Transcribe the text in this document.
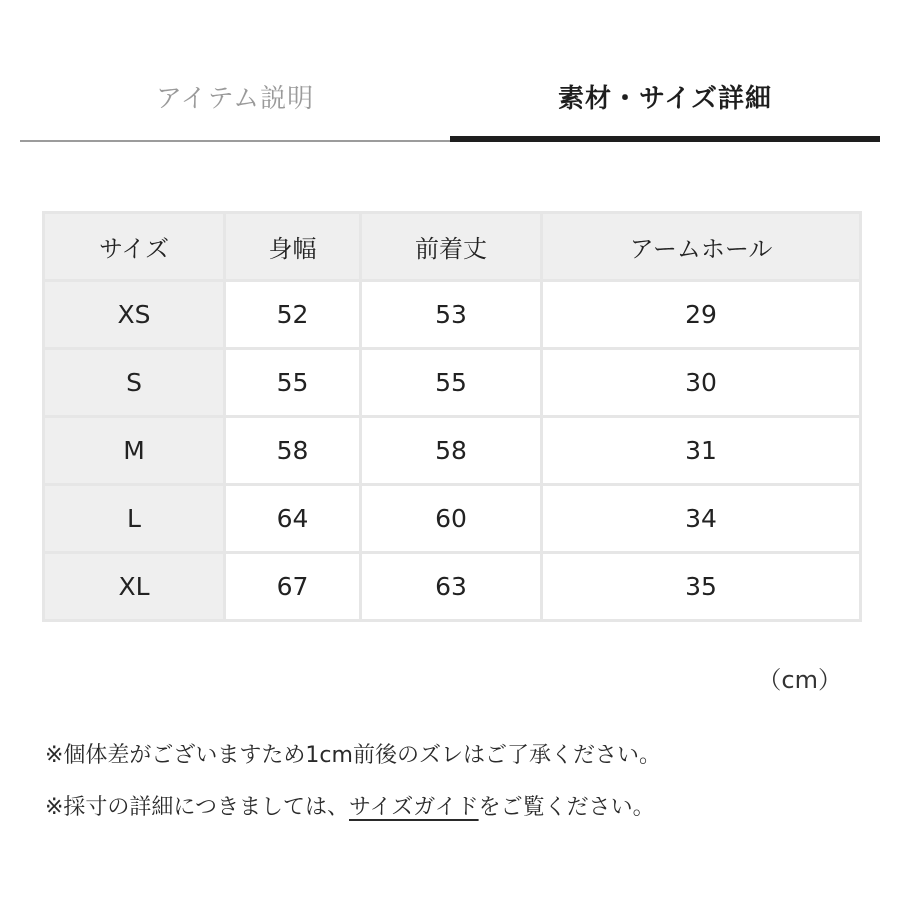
アイテム説明	素材・サイズ詳細
サイズ	身幅	前着丈	アームホール
XS	52	53	29
S	55	55	30
M	58	58	31
L	64	60	34
XL	67	63	35
（cm）
※個体差がございますため1cm前後のズレはご了承ください。
※採寸の詳細につきましては、サイズガイドをご覧ください。
